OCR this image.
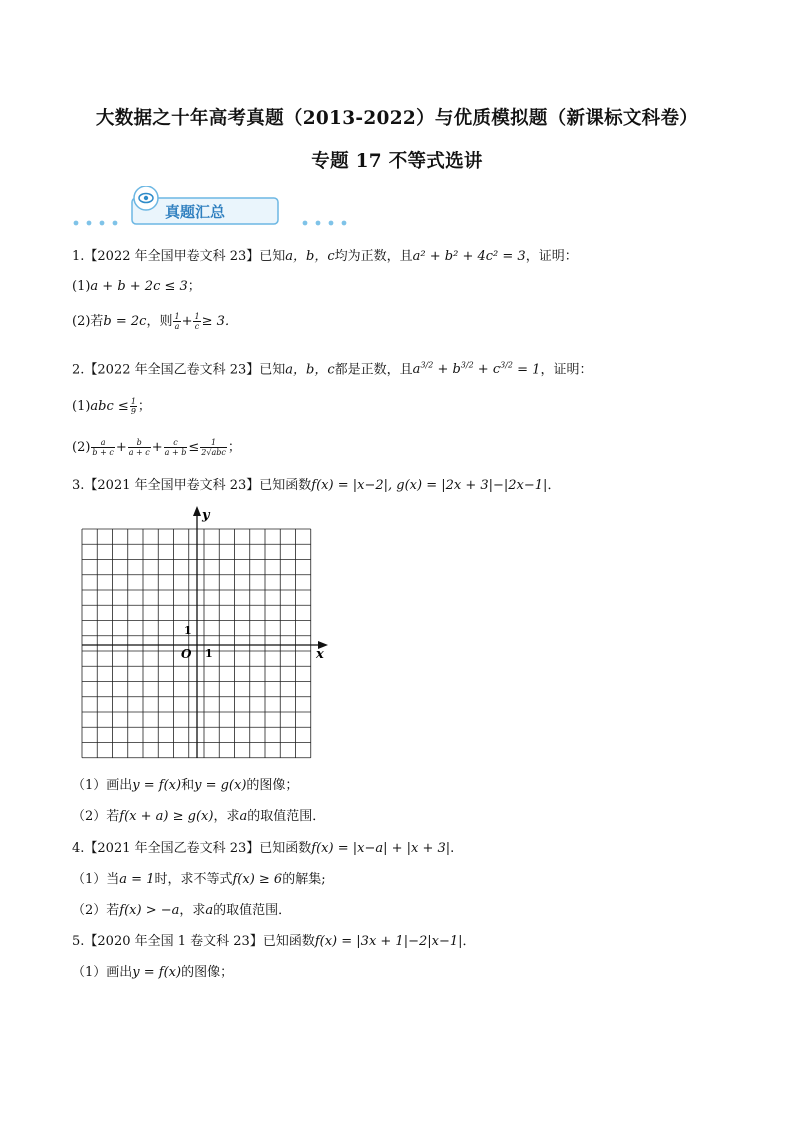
大数据之十年高考真题（2013-2022）与优质模拟题（新课标文科卷）
专题 17 不等式选讲
真题汇总
1.【2022 年全国甲卷文科 23】已知a，b，c均为正数，且a² + b² + 4c² = 3，证明：
(1)a + b + 2c ≤ 3；
(2)若b = 2c，则 $\frac{1}{a} + \frac{1}{c} \ge 3$．
2.【2022 年全国乙卷文科 23】已知a，b，c都是正数，且$a^{3/2} + b^{3/2} + c^{3/2} = 1$，证明：
$(1)abc \le \frac{1}{9}$ ；
$(2) \frac{a}{b + c} + \frac{b}{a + c} + \frac{c}{a + b} \le \frac{1}{\text{2√abc}}$ ；
3.【2021 年全国甲卷文科 23】已知函数f(x) = |x−2|, g(x) = |2x + 3|−|2x−1|．
y
x
O 1
1
（1）画出y = f(x)和y = g(x)的图像；
（2）若f(x + a) ≥ g(x)，求a的取值范围．
4.【2021 年全国乙卷文科 23】已知函数f(x) = |x−a| + |x + 3|.
（1）当a = 1时，求不等式f(x) ≥ 6的解集;
（2）若f(x) > −a，求a的取值范围．
5.【2020 年全国 1 卷文科 23】已知函数f(x) = |3x + 1|−2|x−1|．
（1）画出y = f(x)的图像；
